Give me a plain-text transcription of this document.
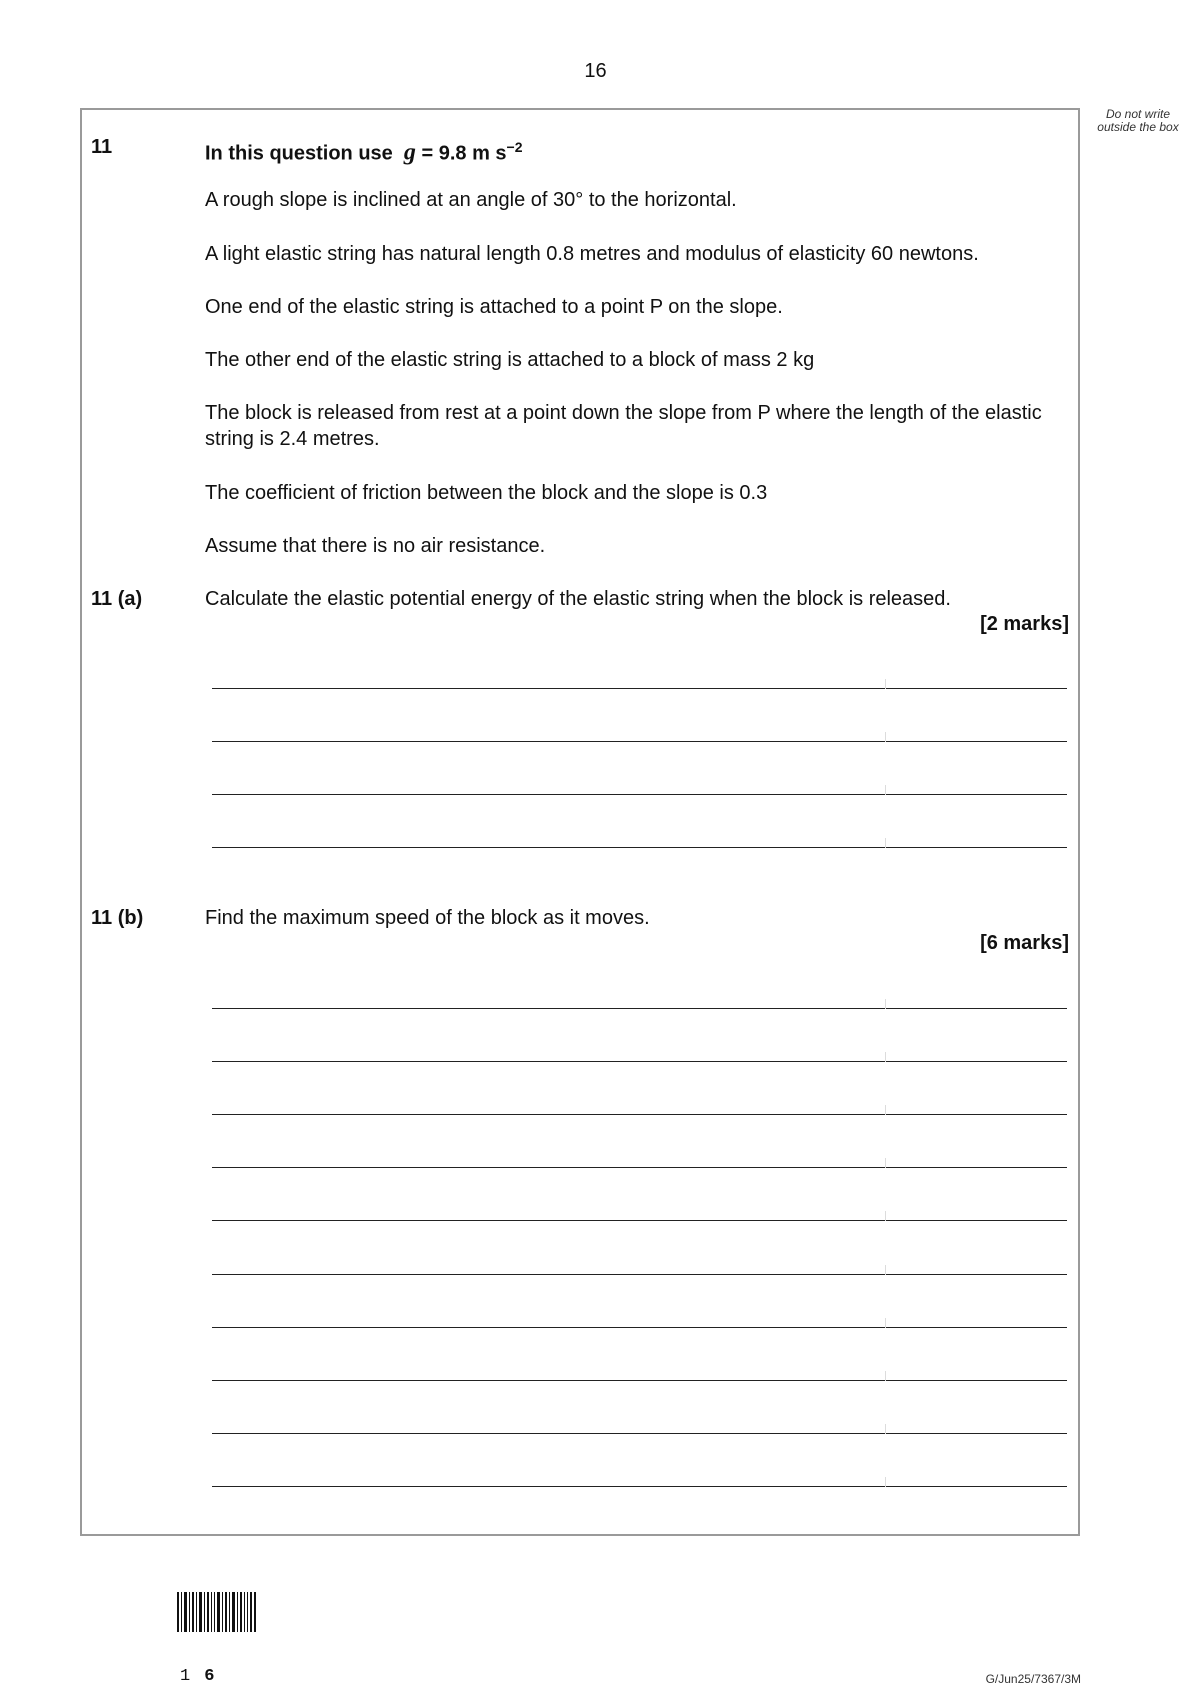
16
Do not write outside the box
11	In this question use g = 9.8 m $s^{-2}$
A rough slope is inclined at an angle of 30° to the horizontal.
A light elastic string has natural length 0.8 metres and modulus of elasticity 60 newtons.
One end of the elastic string is attached to a point P on the slope.
The other end of the elastic string is attached to a block of mass 2 kg
The block is released from rest at a point down the slope from P where the length of the elastic string is 2.4 metres.
The coefficient of friction between the block and the slope is 0.3
Assume that there is no air resistance.
11 (a)	Calculate the elastic potential energy of the elastic string when the block is released.
[2 marks]
11 (b)	Find the maximum speed of the block as it moves.
[6 marks]
1 6	G/Jun25/7367/3M
